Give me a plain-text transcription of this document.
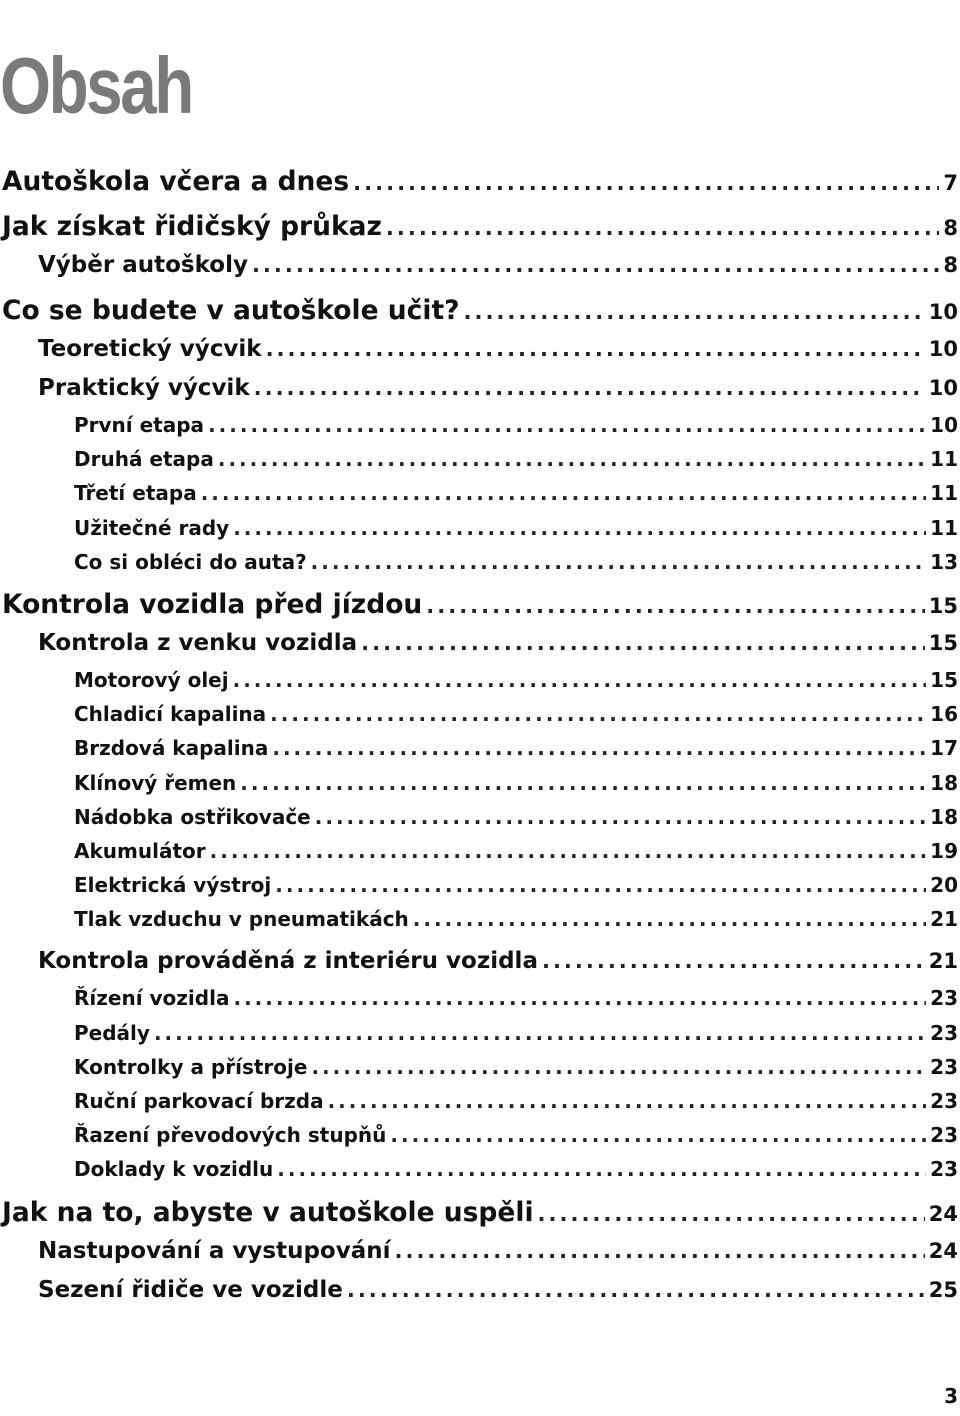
Obsah
Autoškola včera a dnes .....	7
Jak získat řidičský průkaz .....	8
Výběr autoškoly .....	8
Co se budete v autoškole učit? .....	10
Teoretický výcvik .....	10
Praktický výcvik .....	10
První etapa .....	10
Druhá etapa .....	11
Třetí etapa .....	11
Užitečné rady .....	11
Co si obléci do auta? .....	13
Kontrola vozidla před jízdou .....	15
Kontrola z venku vozidla .....	15
Motorový olej .....	15
Chladicí kapalina .....	16
Brzdová kapalina .....	17
Klínový řemen .....	18
Nádobka ostřikovače .....	18
Akumulátor .....	19
Elektrická výstroj .....	20
Tlak vzduchu v pneumatikách .....	21
Kontrola prováděná z interiéru vozidla .....	21
Řízení vozidla .....	23
Pedály .....	23
Kontrolky a přístroje .....	23
Ruční parkovací brzda .....	23
Řazení převodových stupňů .....	23
Doklady k vozidlu .....	23
Jak na to, abyste v autoškole uspěli .....	24
Nastupování a vystupování .....	24
Sezení řidiče ve vozidle .....	25
3
